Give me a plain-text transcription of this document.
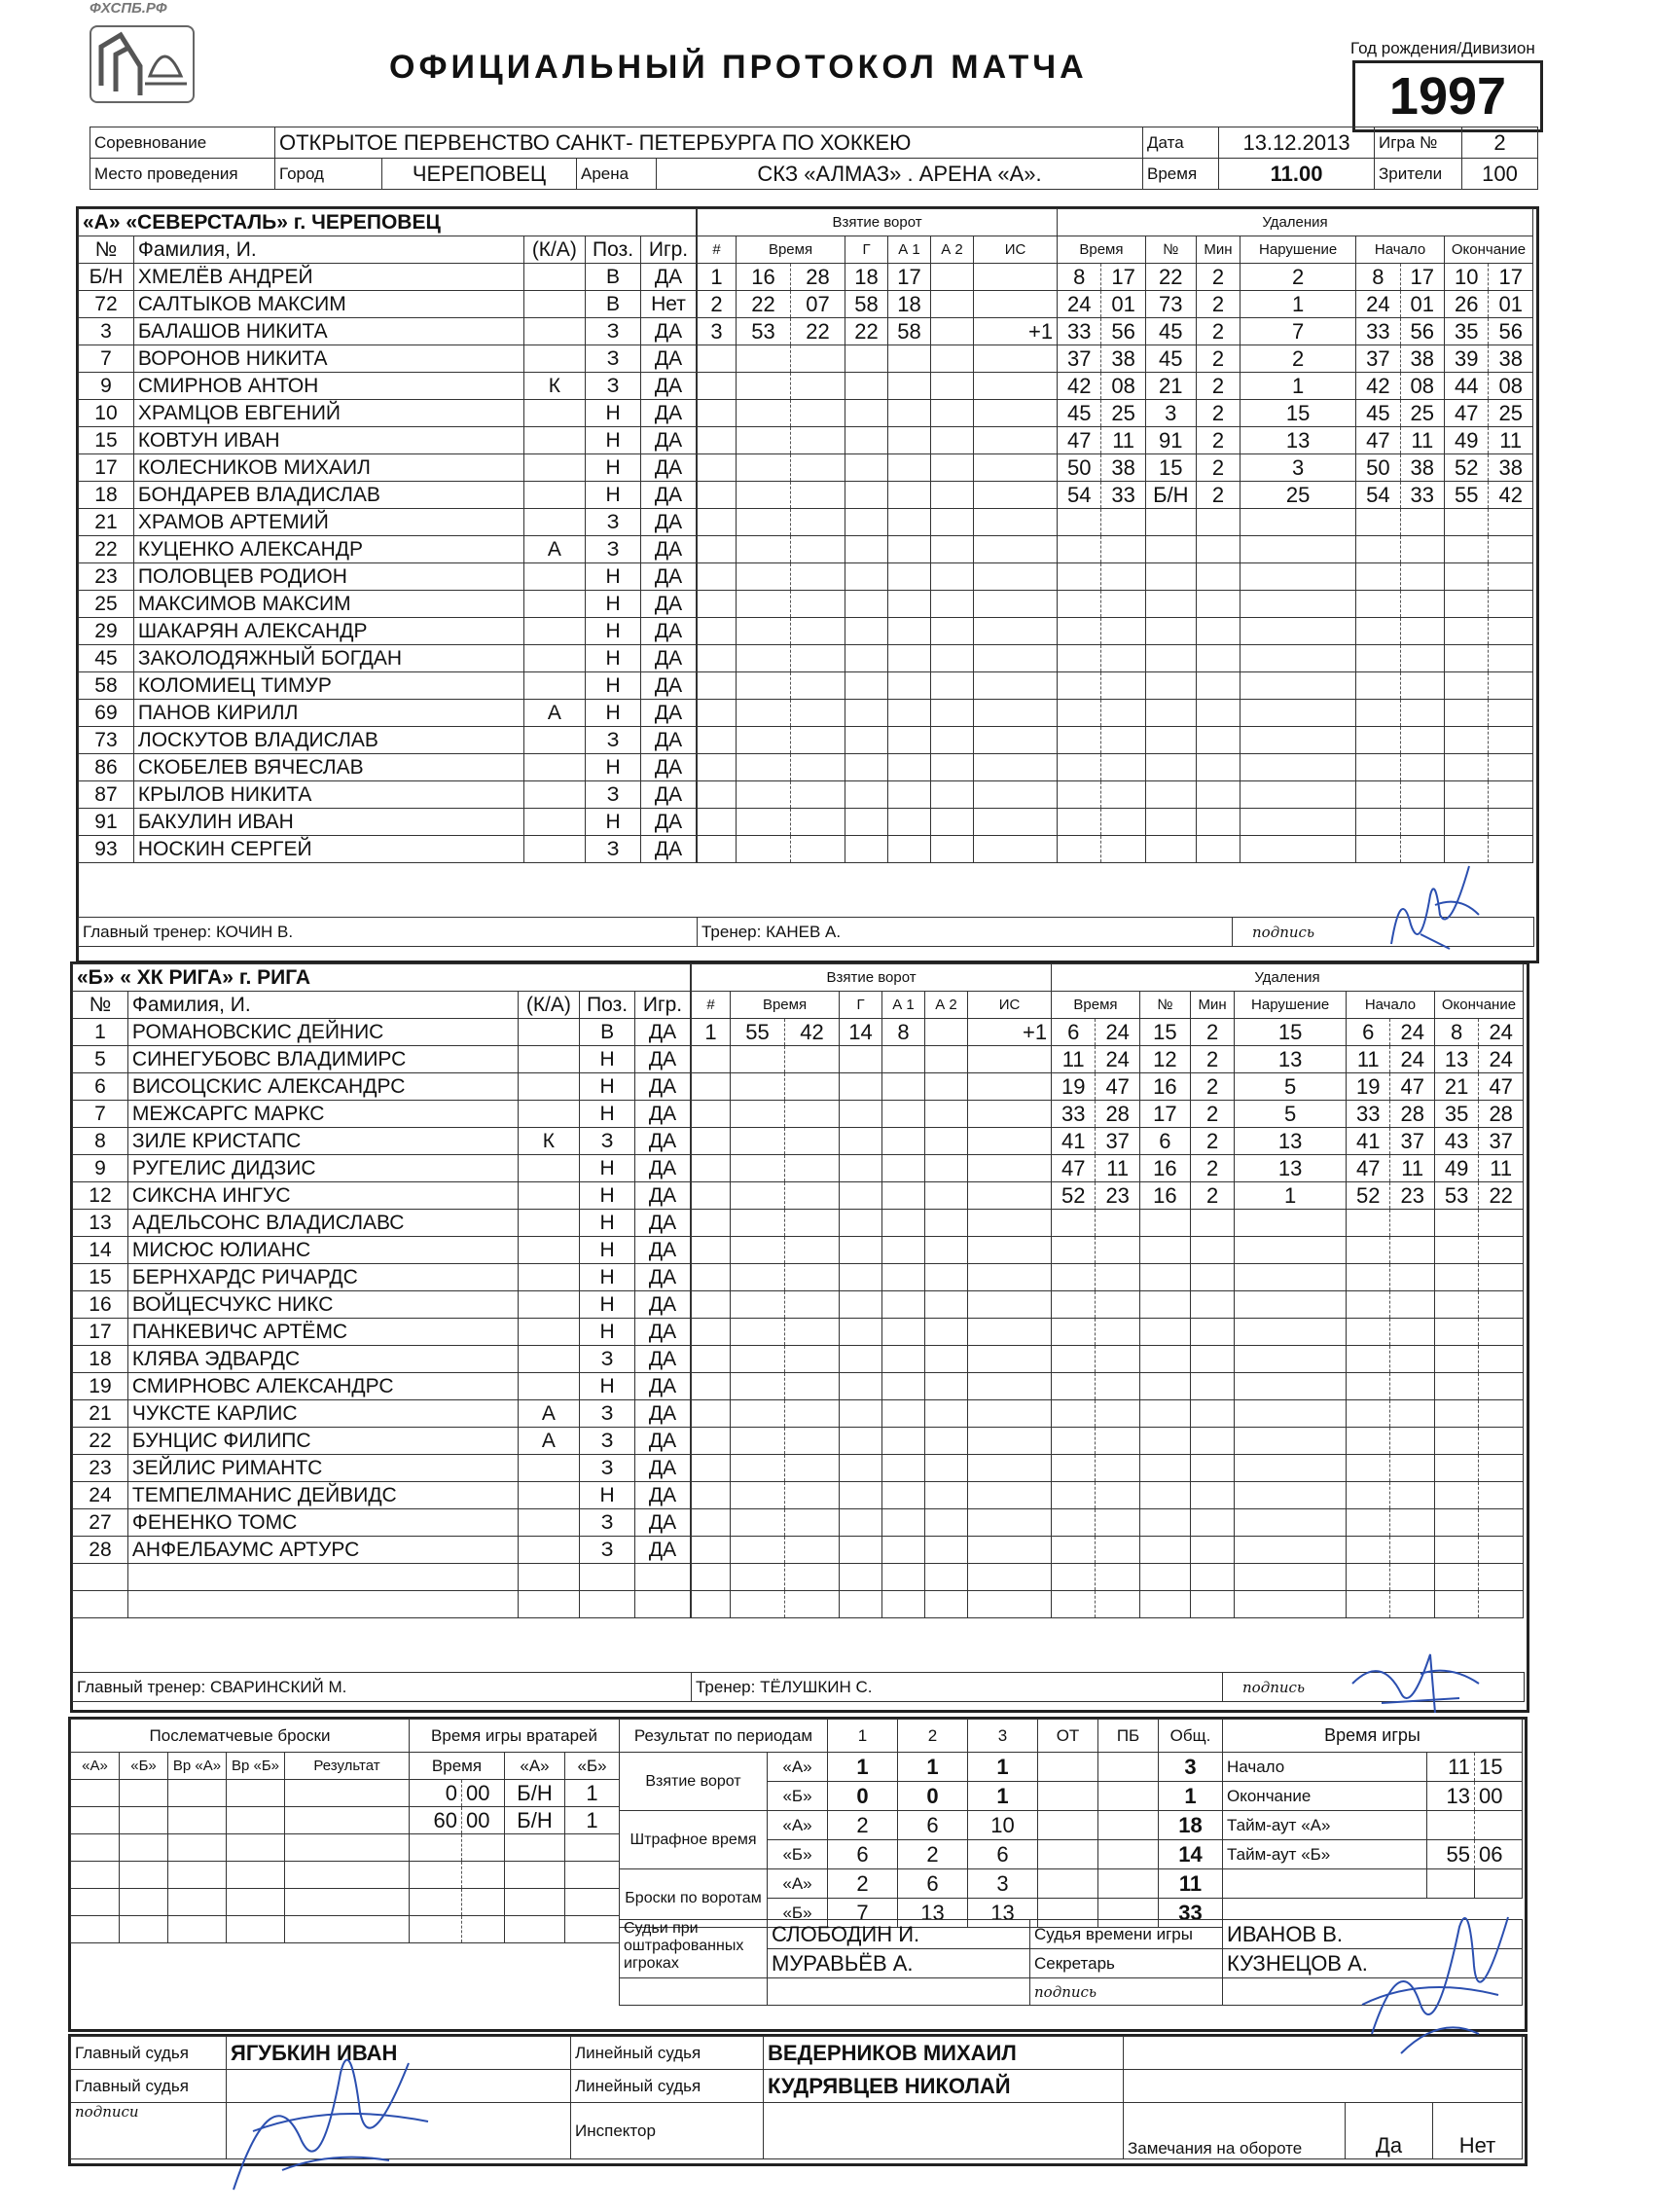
ФХСПБ.РФ
ОФИЦИАЛЬНЫЙ ПРОТОКОЛ МАТЧА
Год рождения/Дивизион
1997
Соревнование	ОТКРЫТОЕ ПЕРВЕНСТВО САНКТ- ПЕТЕРБУРГА ПО ХОККЕЮ				Дата	13.12.2013	Игра №	2
Место проведения	Город	ЧЕРЕПОВЕЦ	Арена	СКЗ «АЛМАЗ» . АРЕНА «А».	Время	11.00	Зрители	100
«А» «СЕВЕРСТАЛЬ» г. ЧЕРЕПОВЕЦ				
№	Фамилия, И.	(К/А)	Поз.	Игр.
Б/Н	ХМЕЛЁВ АНДРЕЙ		В	ДА
72	САЛТЫКОВ МАКСИМ		В	Нет
3	БАЛАШОВ НИКИТА		З	ДА
7	ВОРОНОВ НИКИТА		З	ДА
9	СМИРНОВ АНТОН	К	З	ДА
10	ХРАМЦОВ ЕВГЕНИЙ		Н	ДА
15	КОВТУН ИВАН		Н	ДА
17	КОЛЕСНИКОВ МИХАИЛ		Н	ДА
18	БОНДАРЕВ ВЛАДИСЛАВ		Н	ДА
21	ХРАМОВ АРТЕМИЙ		З	ДА
22	КУЦЕНКО АЛЕКСАНДР	А	З	ДА
23	ПОЛОВЦЕВ РОДИОН		Н	ДА
25	МАКСИМОВ МАКСИМ		Н	ДА
29	ШАКАРЯН АЛЕКСАНДР		Н	ДА
45	ЗАКОЛОДЯЖНЫЙ БОГДАН		Н	ДА
58	КОЛОМИЕЦ ТИМУР		Н	ДА
69	ПАНОВ КИРИЛЛ	А	Н	ДА
73	ЛОСКУТОВ ВЛАДИСЛАВ		З	ДА
86	СКОБЕЛЕВ ВЯЧЕСЛАВ		Н	ДА
87	КРЫЛОВ НИКИТА		З	ДА
91	БАКУЛИН ИВАН		Н	ДА
93	НОСКИН СЕРГЕЙ		З	ДА
Взятие ворот						
#	Время		Г	А 1	А 2	ИС
1	16	28	18	17		
2	22	07	58	18		
3	53	22	22	58		+1

Удаления								
Время		№	Мин	Нарушение	Начало		Окончание	
8	17	22	2	2	8	17	10	17
24	01	73	2	1	24	01	26	01
33	56	45	2	7	33	56	35	56
37	38	45	2	2	37	38	39	38
42	08	21	2	1	42	08	44	08
45	25	3	2	15	45	25	47	25
47	11	91	2	13	47	11	49	11
50	38	15	2	3	50	38	52	38
54	33	Б/Н	2	25	54	33	55	42

Главный тренер: КОЧИН В.	Тренер: КАНЕВ А.	подпись
«Б» « ХК РИГА» г. РИГА				
№	Фамилия, И.	(К/А)	Поз.	Игр.
1	РОМАНОВСКИС ДЕЙНИС		В	ДА
5	СИНЕГУБОВС ВЛАДИМИРС		Н	ДА
6	ВИСОЦСКИС АЛЕКСАНДРС		Н	ДА
7	МЕЖСАРГС МАРКС		Н	ДА
8	ЗИЛЕ КРИСТАПС	К	З	ДА
9	РУГЕЛИС ДИДЗИС		Н	ДА
12	СИКСНА ИНГУС		Н	ДА
13	АДЕЛЬСОНС ВЛАДИСЛАВС		Н	ДА
14	МИСЮС ЮЛИАНС		Н	ДА
15	БЕРНХАРДС РИЧАРДС		Н	ДА
16	ВОЙЦЕСЧУКС НИКС		Н	ДА
17	ПАНКЕВИЧС АРТЁМС		Н	ДА
18	КЛЯВА ЭДВАРДС		З	ДА
19	СМИРНОВС АЛЕКСАНДРС		Н	ДА
21	ЧУКСТЕ КАРЛИС	А	З	ДА
22	БУНЦИС ФИЛИПС	А	З	ДА
23	ЗЕЙЛИС РИМАНТС		З	ДА
24	ТЕМПЕЛМАНИС ДЕЙВИДС		Н	ДА
27	ФЕНЕНКО ТОМС		З	ДА
28	АНФЕЛБАУМС АРТУРС		З	ДА

Взятие ворот						
#	Время		Г	А 1	А 2	ИС
1	55	42	14	8		+1

Удаления								
Время		№	Мин	Нарушение	Начало		Окончание	
6	24	15	2	15	6	24	8	24
11	24	12	2	13	11	24	13	24
19	47	16	2	5	19	47	21	47
33	28	17	2	5	33	28	35	28
41	37	6	2	13	41	37	43	37
47	11	16	2	13	47	11	49	11
52	23	16	2	1	52	23	53	22

Главный тренер: СВАРИНСКИЙ М.	Тренер: ТЁЛУШКИН С.	подпись
Послематчевые броски				
«А»	«Б»	Вр «А»	Вр «Б»	Результат

Время игры вратарей			
Время		«А»	«Б»
0	00	Б/Н	1
60	00	Б/Н	1

Результат по периодам		1	2	3	ОТ	ПБ	Общ.
Взятие ворот	«А»	1	1	1			3
	«Б»	0	0	1			1
Штрафное время	«А»	2	6	10			18
	«Б»	6	2	6			14
Броски по воротам	«А»	2	6	3			11
	«Б»	7	13	13			33
Время игры		
Начало	11	15
Окончание	13	00
Тайм-аут «А»		
Тайм-аут «Б»	55	06

Судьи при оштрафованных игроках	СЛОБОДИН И.	Судья времени игры	ИВАНОВ В.
	МУРАВЬЁВ А.	Секретарь	КУЗНЕЦОВ А.
		подпись	
Главный судья	ЯГУБКИН ИВАН	Линейный судья	ВЕДЕРНИКОВ МИХАИЛ			
Главный судья		Линейный судья	КУДРЯВЦЕВ НИКОЛАЙ			
подписи		Инспектор		Замечания на обороте	Да	Нет
